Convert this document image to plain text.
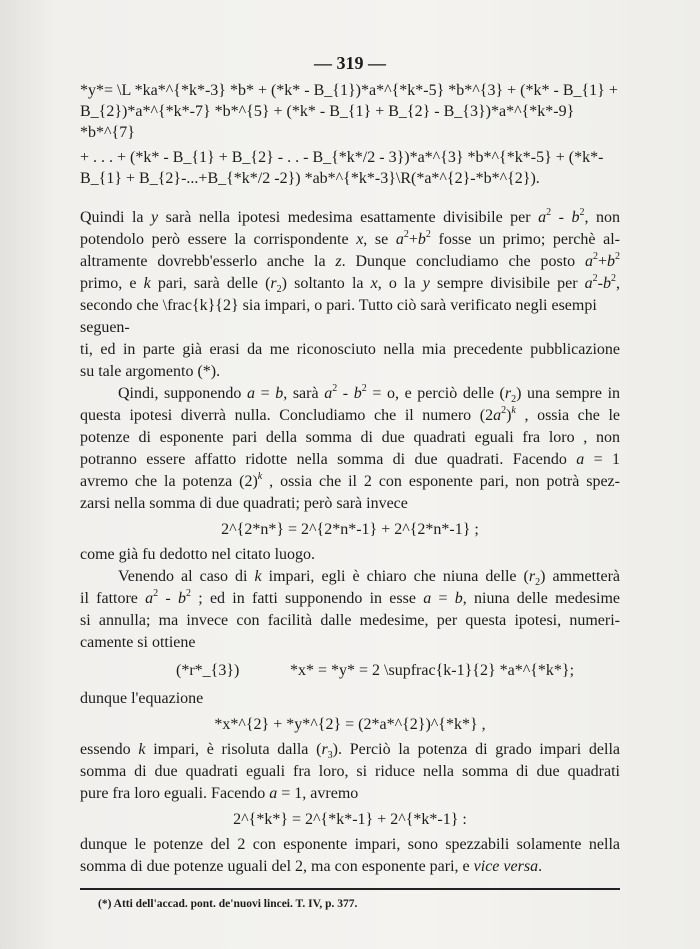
— 319 —
*y*= \L *ka*^{*k*-3} *b* + (*k* - B_{1})*a*^{*k*-5} *b*^{3} + (*k* - B_{1} + B_{2})*a*^{*k*-7} *b*^{5} + (*k* - B_{1} + B_{2} - B_{3})*a*^{*k*-9} *b*^{7}
+ . . . + (*k* - B_{1} + B_{2} - . . - B_{*k*/2 - 3})*a*^{3} *b*^{*k*-5} + (*k*-B_{1} + B_{2}-...+B_{*k*/2 -2}) *ab*^{*k*-3}\R(*a*^{2}-*b*^{2}).
Quindi la y sarà nella ipotesi medesima esattamente divisibile per $a^2 - b^2$, non
potendolo però essere la corrispondente x, se $a^2+b^2$ fosse un primo; perchè al-
altramente dovrebb'esserlo anche la z. Dunque concludiamo che posto $a^2+b^2$
primo, e k pari, sarà delle $(r_2)$ soltanto la x, o la y sempre divisibile per $a^2-b^2$,
secondo che \frac{k}{2} sia impari, o pari. Tutto ciò sarà verificato negli esempi seguen-
ti, ed in parte già erasi da me riconosciuto nella mia precedente pubblicazione
su tale argomento (*).
Qindi, supponendo a = b, sarà $a^2 - b^2 = o$, e perciò delle $(r_2)$ una sempre in
questa ipotesi diverrà nulla. Concludiamo che il numero $(2a^2)^k$ , ossia che le
potenze di esponente pari della somma di due quadrati eguali fra loro , non
potranno essere affatto ridotte nella somma di due quadrati. Facendo a = 1
avremo che la potenza $(2)^k$ , ossia che il 2 con esponente pari, non potrà spez-
zarsi nella somma di due quadrati; però sarà invece
2^{2*n*} = 2^{2*n*-1} + 2^{2*n*-1} ;
come già fu dedotto nel citato luogo.
Venendo al caso di k impari, egli è chiaro che niuna delle $(r_2)$ ammetterà
il fattore $a^2 - b^2$ ; ed in fatti supponendo in esse a = b, niuna delle medesime
si annulla; ma invece con facilità dalle medesime, per questa ipotesi, numeri-
camente si ottiene
(*r*_{3})	*x* = *y* = 2 \supfrac{k-1}{2} *a*^{*k*};
dunque l'equazione
*x*^{2} + *y*^{2} = (2*a*^{2})^{*k*} ,
essendo k impari, è risoluta dalla $(r_3)$. Perciò la potenza di grado impari della
somma di due quadrati eguali fra loro, si riduce nella somma di due quadrati
pure fra loro eguali. Facendo a = 1, avremo
2^{*k*} = 2^{*k*-1} + 2^{*k*-1} :
dunque le potenze del 2 con esponente impari, sono spezzabili solamente nella
somma di due potenze uguali del 2, ma con esponente pari, e vice versa.
(*) Atti dell'accad. pont. de'nuovi lincei. T. IV, p. 377.
